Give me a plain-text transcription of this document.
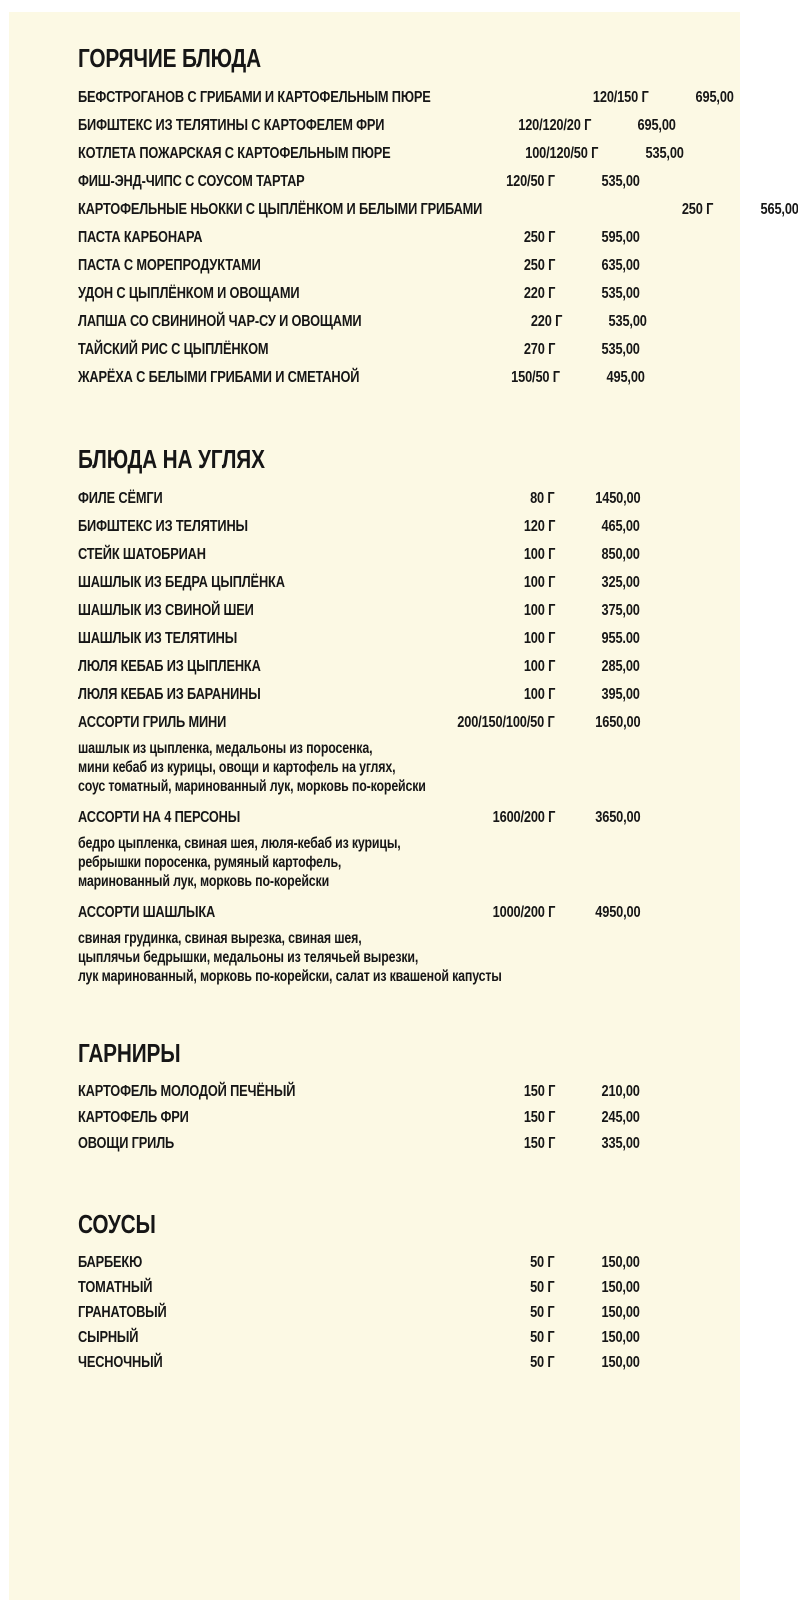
ГОРЯЧИЕ БЛЮДА
БЕФСТРОГАНОВ С ГРИБАМИ И КАРТОФЕЛЬНЫМ ПЮРЕ	120/150 Г	695,00
БИФШТЕКС ИЗ ТЕЛЯТИНЫ С КАРТОФЕЛЕМ ФРИ	120/120/20 Г	695,00
КОТЛЕТА ПОЖАРСКАЯ С КАРТОФЕЛЬНЫМ ПЮРЕ	100/120/50 Г	535,00
ФИШ-ЭНД-ЧИПС С СОУСОМ ТАРТАР	120/50 Г	535,00
КАРТОФЕЛЬНЫЕ НЬОККИ С ЦЫПЛЁНКОМ И БЕЛЫМИ ГРИБАМИ	250 Г	565,00
ПАСТА КАРБОНАРА	250 Г	595,00
ПАСТА С МОРЕПРОДУКТАМИ	250 Г	635,00
УДОН С ЦЫПЛЁНКОМ И ОВОЩАМИ	220 Г	535,00
ЛАПША СО СВИНИНОЙ ЧАР-СУ И ОВОЩАМИ	220 Г	535,00
ТАЙСКИЙ РИС С ЦЫПЛЁНКОМ	270 Г	535,00
ЖАРЁХА С БЕЛЫМИ ГРИБАМИ И СМЕТАНОЙ	150/50 Г	495,00
БЛЮДА НА УГЛЯХ
ФИЛЕ СЁМГИ	80 Г	1450,00
БИФШТЕКС ИЗ ТЕЛЯТИНЫ	120 Г	465,00
СТЕЙК ШАТОБРИАН	100 Г	850,00
ШАШЛЫК ИЗ БЕДРА ЦЫПЛЁНКА	100 Г	325,00
ШАШЛЫК ИЗ СВИНОЙ ШЕИ	100 Г	375,00
ШАШЛЫК ИЗ ТЕЛЯТИНЫ	100 Г	955.00
ЛЮЛЯ КЕБАБ ИЗ ЦЫПЛЕНКА	100 Г	285,00
ЛЮЛЯ КЕБАБ ИЗ БАРАНИНЫ	100 Г	395,00
АССОРТИ ГРИЛЬ МИНИ	200/150/100/50 Г	1650,00
шашлык из цыпленка, медальоны из поросенка,
мини кебаб из курицы, овощи и картофель на углях,
соус томатный, маринованный лук, морковь по-корейски
АССОРТИ НА 4 ПЕРСОНЫ	1600/200 Г	3650,00
бедро цыпленка, свиная шея, люля-кебаб из курицы,
ребрышки поросенка, румяный картофель,
маринованный лук, морковь по-корейски
АССОРТИ ШАШЛЫКА	1000/200 Г	4950,00
свиная грудинка, свиная вырезка, свиная шея,
цыплячьи бедрышки, медальоны из телячьей вырезки,
лук маринованный, морковь по-корейски, салат из квашеной капусты
ГАРНИРЫ
КАРТОФЕЛЬ МОЛОДОЙ ПЕЧЁНЫЙ	150 Г	210,00
КАРТОФЕЛЬ ФРИ	150 Г	245,00
ОВОЩИ ГРИЛЬ	150 Г	335,00
СОУСЫ
БАРБЕКЮ	50 Г	150,00
ТОМАТНЫЙ	50 Г	150,00
ГРАНАТОВЫЙ	50 Г	150,00
СЫРНЫЙ	50 Г	150,00
ЧЕСНОЧНЫЙ	50 Г	150,00
